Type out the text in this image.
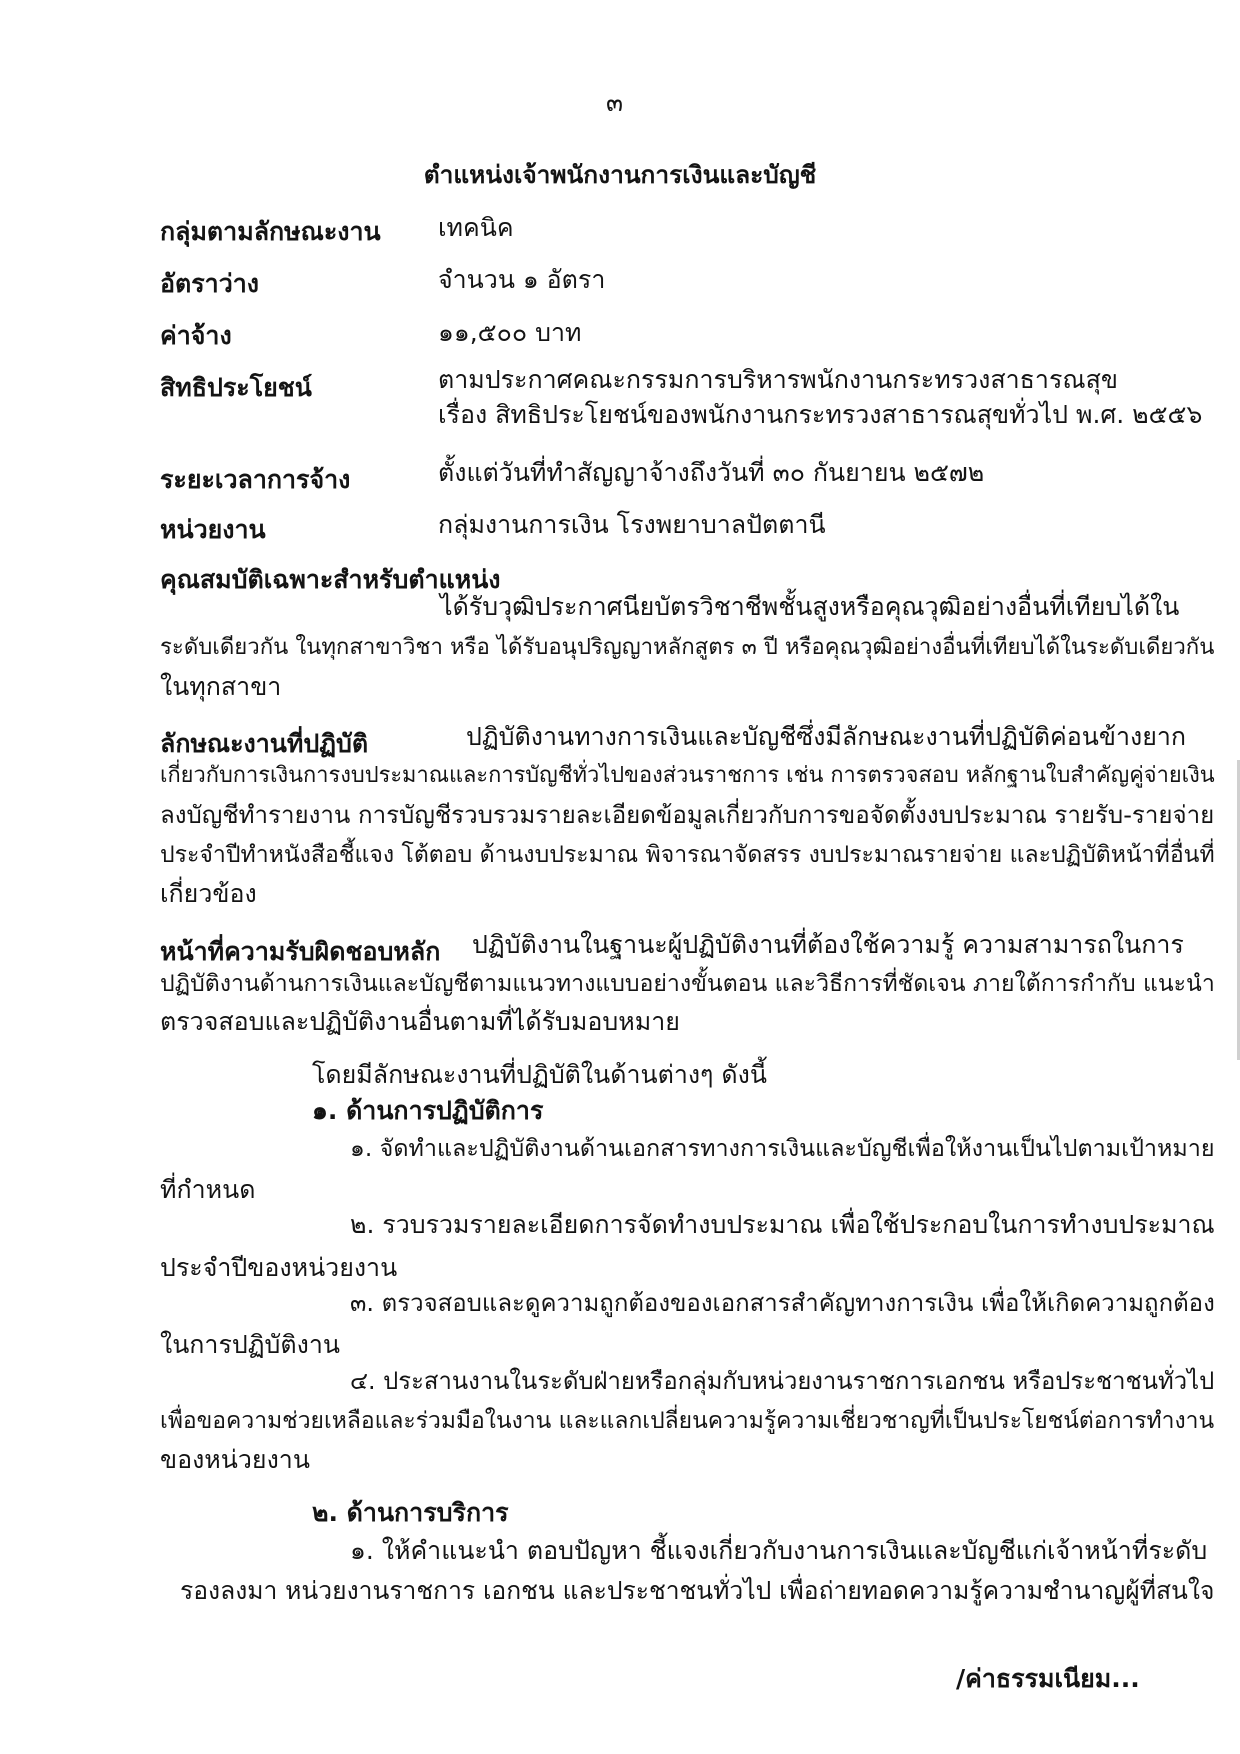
๓
ตำแหน่งเจ้าพนักงานการเงินและบัญชี
กลุ่มตามลักษณะงาน เทคนิค
อัตราว่าง	จำนวน ๑ อัตรา
ค่าจ้าง	๑๑,๕๐๐ บาท
สิทธิประโยชน์	ตามประกาศคณะกรรมการบริหารพนักงานกระทรวงสาธารณสุข
เรื่อง สิทธิประโยชน์ของพนักงานกระทรวงสาธารณสุขทั่วไป พ.ศ. ๒๕๕๖
ระยะเวลาการจ้าง	ตั้งแต่วันที่ทำสัญญาจ้างถึงวันที่ ๓๐ กันยายน ๒๕๗๒
หน่วยงาน	กลุ่มงานการเงิน โรงพยาบาลปัตตานี
คุณสมบัติเฉพาะสำหรับตำแหน่ง
ได้รับวุฒิประกาศนียบัตรวิชาชีพชั้นสูงหรือคุณวุฒิอย่างอื่นที่เทียบได้ใน
ระดับเดียวกัน ในทุกสาขาวิชา หรือ ได้รับอนุปริญญาหลักสูตร ๓ ปี หรือคุณวุฒิอย่างอื่นที่เทียบได้ในระดับเดียวกัน
ในทุกสาขา
ลักษณะงานที่ปฏิบัติ	ปฏิบัติงานทางการเงินและบัญชีซึ่งมีลักษณะงานที่ปฏิบัติค่อนข้างยาก
เกี่ยวกับการเงินการงบประมาณและการบัญชีทั่วไปของส่วนราชการ เช่น การตรวจสอบ หลักฐานใบสำคัญคู่จ่ายเงิน
ลงบัญชีทำรายงาน การบัญชีรวบรวมรายละเอียดข้อมูลเกี่ยวกับการขอจัดตั้งงบประมาณ รายรับ-รายจ่าย
ประจำปีทำหนังสือชี้แจง โต้ตอบ ด้านงบประมาณ พิจารณาจัดสรร งบประมาณรายจ่าย และปฏิบัติหน้าที่อื่นที่
เกี่ยวข้อง
หน้าที่ความรับผิดชอบหลัก ปฏิบัติงานในฐานะผู้ปฏิบัติงานที่ต้องใช้ความรู้ ความสามารถในการ
ปฏิบัติงานด้านการเงินและบัญชีตามแนวทางแบบอย่างขั้นตอน และวิธีการที่ชัดเจน ภายใต้การกำกับ แนะนำ
ตรวจสอบและปฏิบัติงานอื่นตามที่ได้รับมอบหมาย
โดยมีลักษณะงานที่ปฏิบัติในด้านต่างๆ ดังนี้
๑. ด้านการปฏิบัติการ
๑. จัดทำและปฏิบัติงานด้านเอกสารทางการเงินและบัญชีเพื่อให้งานเป็นไปตามเป้าหมาย
ที่กำหนด
๒. รวบรวมรายละเอียดการจัดทำงบประมาณ เพื่อใช้ประกอบในการทำงบประมาณ
ประจำปีของหน่วยงาน
๓. ตรวจสอบและดูความถูกต้องของเอกสารสำคัญทางการเงิน เพื่อให้เกิดความถูกต้อง
ในการปฏิบัติงาน
๔. ประสานงานในระดับฝ่ายหรือกลุ่มกับหน่วยงานราชการเอกชน หรือประชาชนทั่วไป
เพื่อขอความช่วยเหลือและร่วมมือในงาน และแลกเปลี่ยนความรู้ความเชี่ยวชาญที่เป็นประโยชน์ต่อการทำงาน
ของหน่วยงาน
๒. ด้านการบริการ
๑. ให้คำแนะนำ ตอบปัญหา ชี้แจงเกี่ยวกับงานการเงินและบัญชีแก่เจ้าหน้าที่ระดับ
รองลงมา หน่วยงานราชการ เอกชน และประชาชนทั่วไป เพื่อถ่ายทอดความรู้ความชำนาญผู้ที่สนใจ
/ค่าธรรมเนียม...
